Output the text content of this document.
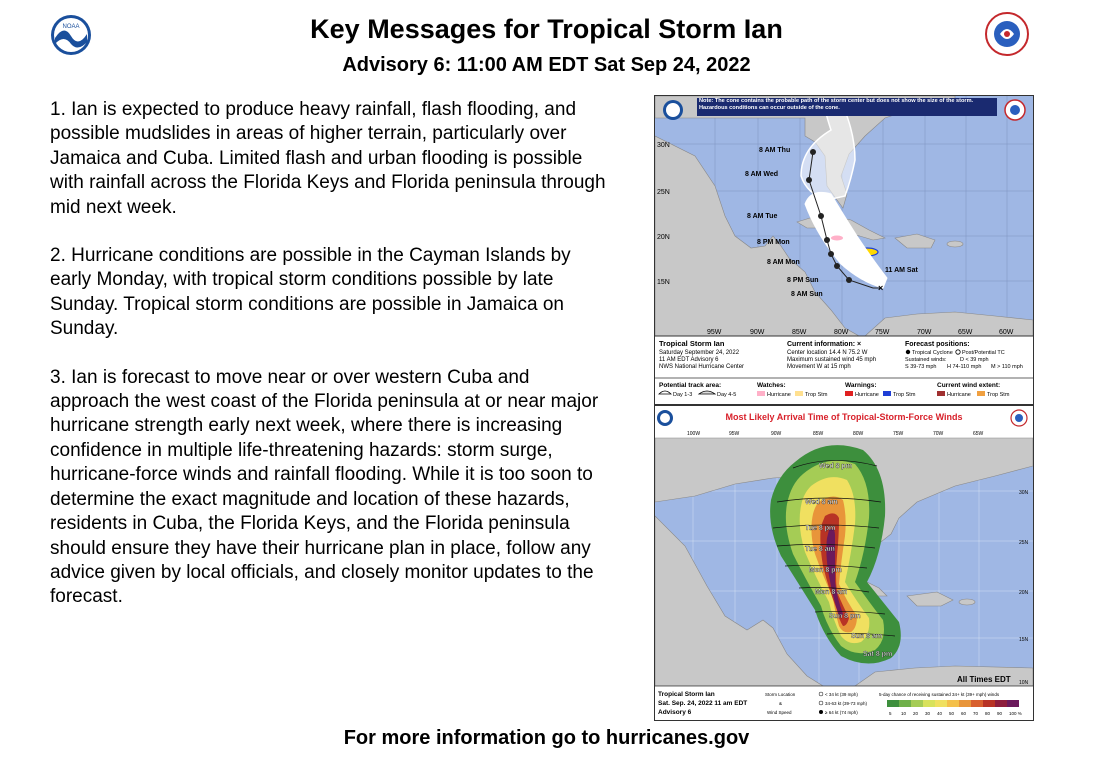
NOAA	Key Messages for Tropical Storm Ian
Advisory 6: 11:00 AM EDT Sat Sep 24, 2022

1. Ian is expected to produce heavy rainfall, flash flooding, and possible mudslides in areas of higher terrain, particularly over Jamaica and Cuba. Limited flash and urban flooding is possible with rainfall across the Florida Keys and Florida peninsula through mid next week.

2. Hurricane conditions are possible in the Cayman Islands by early Monday, with tropical storm conditions possible by late Sunday. Tropical storm conditions are possible in Jamaica on Sunday.

3. Ian is forecast to move near or over western Cuba and approach the west coast of the Florida peninsula at or near major hurricane strength early next week, where there is increasing confidence in multiple life-threatening hazards: storm surge, hurricane-force winds and rainfall flooding. While it is too soon to determine the exact magnitude and location of these hazards, residents in Cuba, the Florida Keys, and the Florida peninsula should ensure they have their hurricane plan in place, follow any advice given by local officials, and closely monitor updates to the forecast.

×
30N
25N
20N
15N
95W	90W	85W	80W	75W	70W	65W	60W
8 AM Thu
8 AM Wed
8 AM Tue
8 PM Mon
8 AM Mon
8 PM Sun
8 AM Sun
11 AM Sat
Note: The cone contains the probable path of the storm center but does not show the size of the storm. Hazardous conditions can occur outside of the cone.
Tropical Storm Ian
Saturday September 24, 2022
11 AM EDT Advisory 6
NWS National Hurricane Center
Current information: ×
Center location 14.4 N 75.2 W
Maximum sustained wind 45 mph
Movement W at 15 mph
Forecast positions:
Tropical Cyclone Post/Potential TC
Sustained winds: D < 39 mph
S 39-73 mph H 74-110 mph M > 110 mph
Potential track area:
Day 1-3	Day 4-5
Watches:
Hurricane	Trop Stm
Warnings:
Hurricane	Trop Stm
Current wind extent:
Hurricane	Trop Stm
Most Likely Arrival Time of Tropical-Storm-Force Winds
100W	95W	90W	85W	80W	75W	70W	65W
Wed 8 pm
Wed 8 am
Tue 8 pm
Tue 8 am
Mon 8 pm
Mon 8 am
Sun 8 pm
Sun 8 am
Sat 8 pm
30N
25N
20N
15N
10N
All Times EDT
Tropical Storm Ian
Sat. Sep. 24, 2022 11 am EDT
Advisory 6
Storm Location
&
Wind Speed
< 34 kt (39 mph)
34-63 kt (39-73 mph)
≥ 64 kt (74 mph)
5-day chance of receiving sustained 34+ kt (39+ mph) winds
5 10 20 30 40 50 60 70 80 90 100 %
For more information go to hurricanes.gov
